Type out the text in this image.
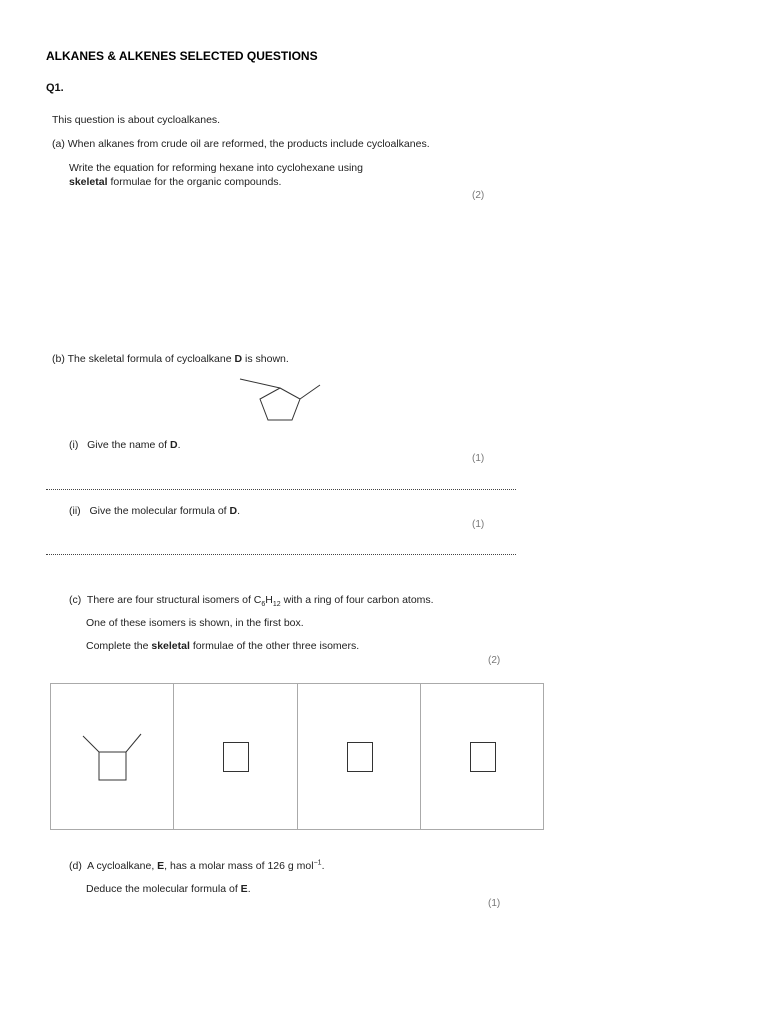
ALKANES & ALKENES SELECTED QUESTIONS
Q1.
This question is about cycloalkanes.
(a) When alkanes from crude oil are reformed, the products include cycloalkanes.
Write the equation for reforming hexane into cyclohexane using
skeletal formulae for the organic compounds.
(2)
(b) The skeletal formula of cycloalkane D is shown.
(i) Give the name of D.
(1)
(ii) Give the molecular formula of D.
(1)
(c) There are four structural isomers of $C_6H_{12}$ with a ring of four carbon atoms.
One of these isomers is shown, in the first box.
Complete the skeletal formulae of the other three isomers.
(2)
(d) A cycloalkane, E, has a molar mass of 126 g mol$^{-1}$.
Deduce the molecular formula of E.
(1)
